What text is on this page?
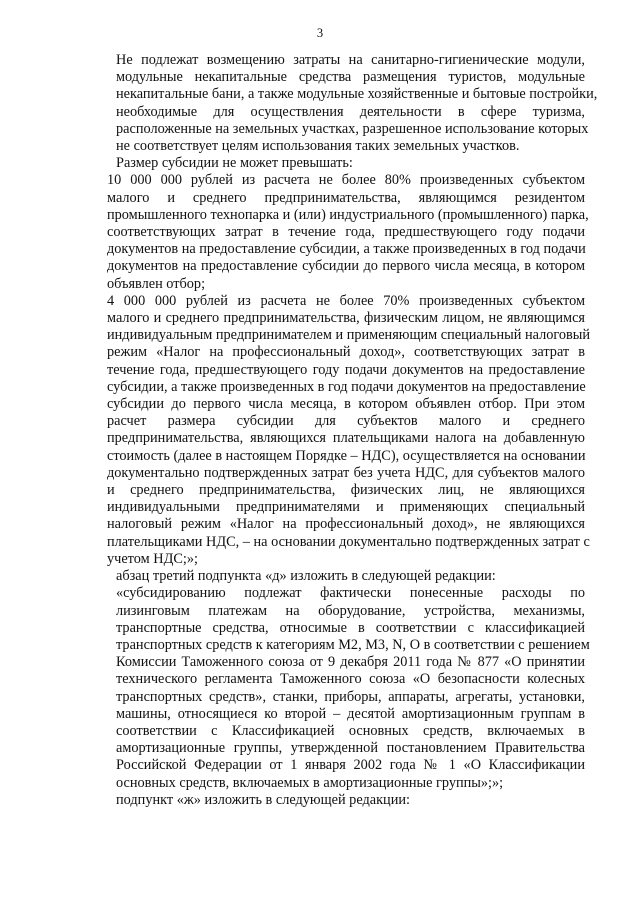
3

Не подлежат возмещению затраты на санитарно-гигиенические модули,
модульные некапитальные средства размещения туристов, модульные
некапитальные бани, а также модульные хозяйственные и бытовые постройки,
необходимые для осуществления деятельности в сфере туризма,
расположенные на земельных участках, разрешенное использование которых
не соответствует целям использования таких земельных участков.

Размер субсидии не может превышать:

10 000 000 рублей из расчета не более 80% произведенных субъектом
малого и среднего предпринимательства, являющимся резидентом
промышленного технопарка и (или) индустриального (промышленного) парка,
соответствующих затрат в течение года, предшествующего году подачи
документов на предоставление субсидии, а также произведенных в год подачи
документов на предоставление субсидии до первого числа месяца, в котором
объявлен отбор;

4 000 000 рублей из расчета не более 70% произведенных субъектом
малого и среднего предпринимательства, физическим лицом, не являющимся
индивидуальным предпринимателем и применяющим специальный налоговый
режим «Налог на профессиональный доход», соответствующих затрат в
течение года, предшествующего году подачи документов на предоставление
субсидии, а также произведенных в год подачи документов на предоставление
субсидии до первого числа месяца, в котором объявлен отбор. При этом
расчет размера субсидии для субъектов малого и среднего
предпринимательства, являющихся плательщиками налога на добавленную
стоимость (далее в настоящем Порядке – НДС), осуществляется на основании
документально подтвержденных затрат без учета НДС, для субъектов малого
и среднего предпринимательства, физических лиц, не являющихся
индивидуальными предпринимателями и применяющих специальный
налоговый режим «Налог на профессиональный доход», не являющихся
плательщиками НДС, – на основании документально подтвержденных затрат с
учетом НДС;»;

абзац третий подпункта «д» изложить в следующей редакции:

«субсидированию подлежат фактически понесенные расходы по
лизинговым платежам на оборудование, устройства, механизмы,
транспортные средства, относимые в соответствии с классификацией
транспортных средств к категориям М2, М3, N, О в соответствии с решением
Комиссии Таможенного союза от 9 декабря 2011 года № 877 «О принятии
технического регламента Таможенного союза «О безопасности колесных
транспортных средств», станки, приборы, аппараты, агрегаты, установки,
машины, относящиеся ко второй – десятой амортизационным группам в
соответствии с Классификацией основных средств, включаемых в
амортизационные группы, утвержденной постановлением Правительства
Российской Федерации от 1 января 2002 года № 1 «О Классификации
основных средств, включаемых в амортизационные группы»;»;

подпункт «ж» изложить в следующей редакции:
